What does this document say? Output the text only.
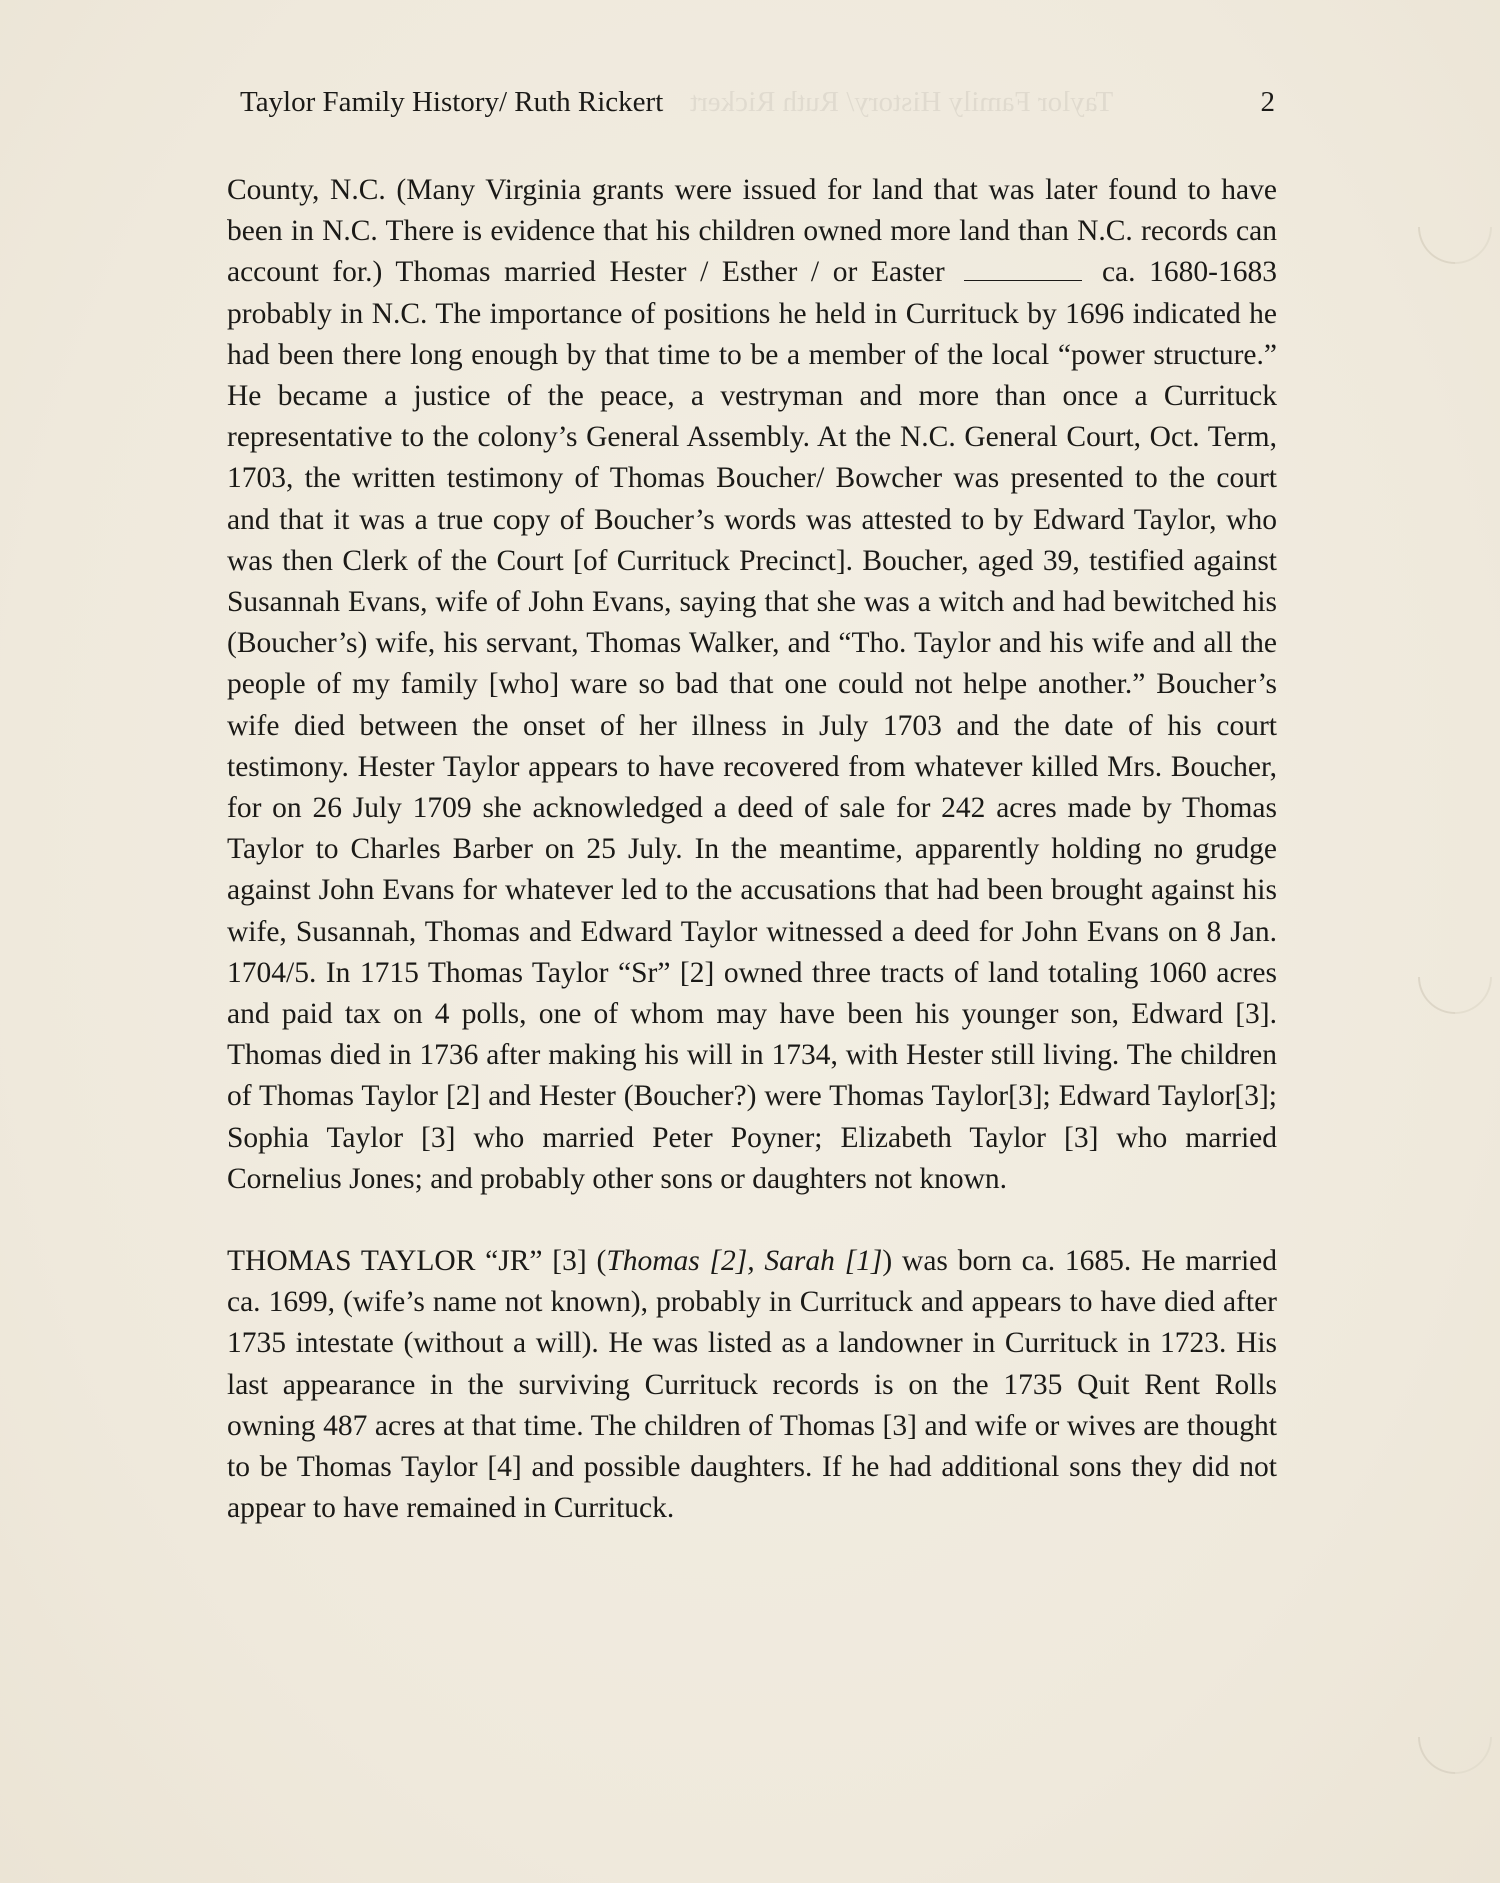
Taylor Family History/ Ruth Rickert
Taylor Family History/ Ruth Rickert	2

County, N.C. (Many Virginia grants were issued for land that was later found to have been in N.C. There is evidence that his children owned more land than N.C. records can account for.) Thomas married Hester / Esther / or Easter	ca. 1680-1683 probably in N.C. The importance of positions he held in Currituck by 1696 indicated he had been there long enough by that time to be a member of the local “power structure.” He became a justice of the peace, a vestryman and more than once a Currituck representative to the colony’s General Assembly. At the N.C. General Court, Oct. Term, 1703, the written testimony of Thomas Boucher/ Bowcher was presented to the court and that it was a true copy of Boucher’s words was attested to by Edward Taylor, who was then Clerk of the Court [of Currituck Precinct]. Boucher, aged 39, testified against Susannah Evans, wife of John Evans, saying that she was a witch and had bewitched his (Boucher’s) wife, his servant, Thomas Walker, and “Tho. Taylor and his wife and all the people of my family [who] ware so bad that one could not helpe another.” Boucher’s wife died between the onset of her illness in July 1703 and the date of his court testimony. Hester Taylor appears to have recovered from whatever killed Mrs. Boucher, for on 26 July 1709 she acknowledged a deed of sale for 242 acres made by Thomas Taylor to Charles Barber on 25 July. In the meantime, apparently holding no grudge against John Evans for whatever led to the accusations that had been brought against his wife, Susannah, Thomas and Edward Taylor witnessed a deed for John Evans on 8 Jan. 1704/5. In 1715 Thomas Taylor “Sr” [2] owned three tracts of land totaling 1060 acres and paid tax on 4 polls, one of whom may have been his younger son, Edward [3]. Thomas died in 1736 after making his will in 1734, with Hester still living. The children of Thomas Taylor [2] and Hester (Boucher?) were Thomas Taylor[3]; Edward Taylor[3]; Sophia Taylor [3] who married Peter Poyner; Elizabeth Taylor [3] who married Cornelius Jones; and probably other sons or daughters not known.

THOMAS TAYLOR “JR” [3] (Thomas [2], Sarah [1]) was born ca. 1685. He married ca. 1699, (wife’s name not known), probably in Currituck and appears to have died after 1735 intestate (without a will). He was listed as a landowner in Currituck in 1723. His last appearance in the surviving Currituck records is on the 1735 Quit Rent Rolls owning 487 acres at that time. The children of Thomas [3] and wife or wives are thought to be Thomas Taylor [4] and possible daughters. If he had additional sons they did not appear to have remained in Currituck.
